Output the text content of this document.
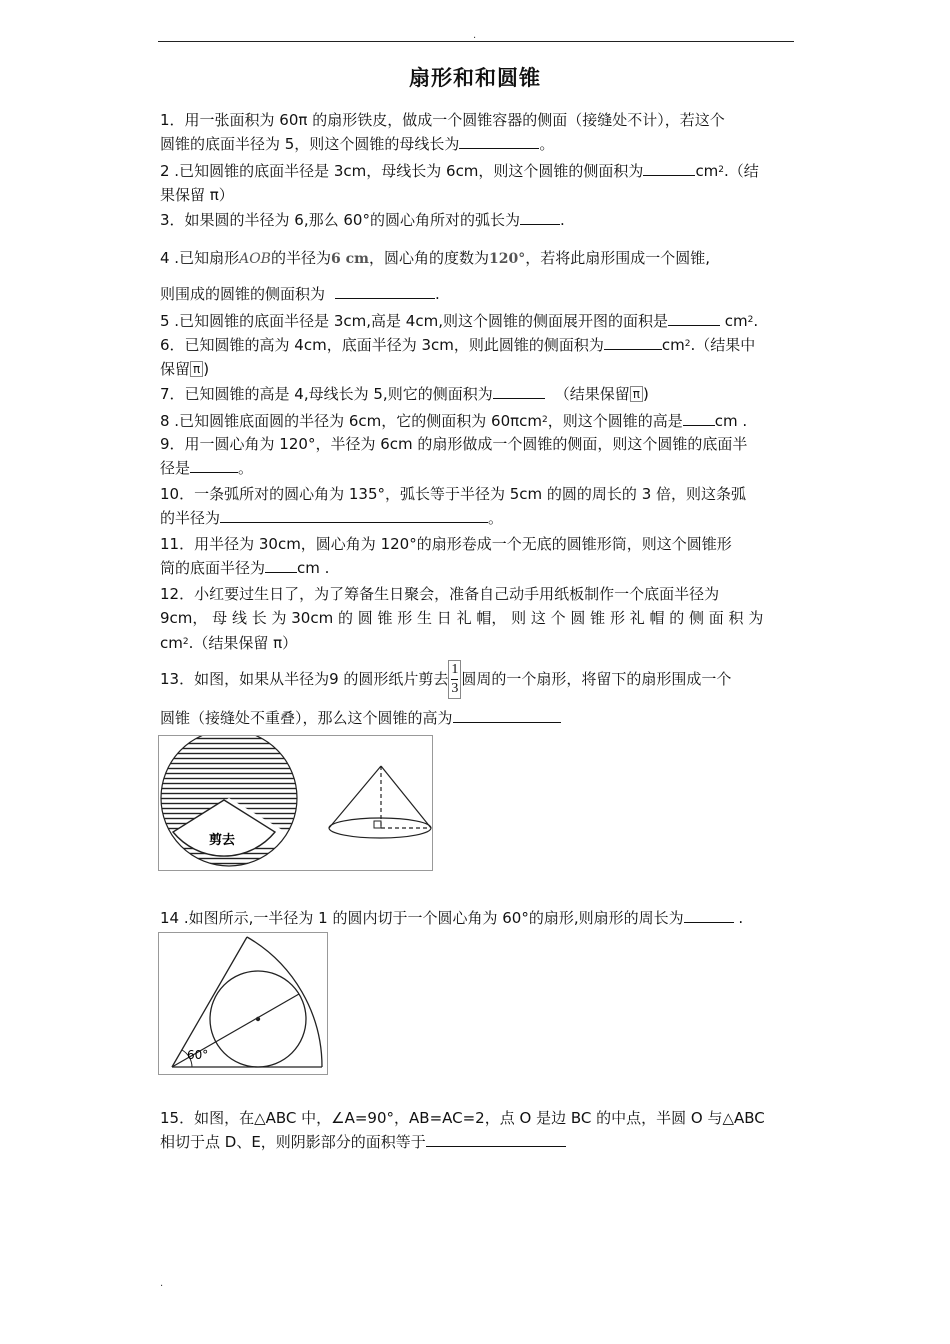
.
扇形和和圆锥
1．用一张面积为 60π 的扇形铁皮，做成一个圆锥容器的侧面（接缝处不计），若这个
圆锥的底面半径为 5，则这个圆锥的母线长为	。
2 .已知圆锥的底面半径是 3cm，母线长为 6cm，则这个圆锥的侧面积为	$cm^2$.（结
果保留 π）
3．如果圆的半径为 6,那么 60°的圆心角所对的弧长为	.
4 .已知扇形AOB的半径为6 cm，圆心角的度数为120°，若将此扇形围成一个圆锥,
则围成的圆锥的侧面积为	.
5 .已知圆锥的底面半径是 3cm,高是 4cm,则这个圆锥的侧面展开图的面积是	$cm^2$.
6．已知圆锥的高为 4cm，底面半径为 3cm，则此圆锥的侧面积为	$cm^2$.（结果中
保留 π )
7．已知圆锥的高是 4,母线长为 5,则它的侧面积为	（结果保留 π )
8 .已知圆锥底面圆的半径为 6cm，它的侧面积为 60πcm$^2$，则这个圆锥的高是 cm .
9．用一圆心角为 120°，半径为 6cm 的扇形做成一个圆锥的侧面，则这个圆锥的底面半
径是	。
10．一条弧所对的圆心角为 135°，弧长等于半径为 5cm 的圆的周长的 3 倍，则这条弧
的半径为	。
11．用半径为 30cm，圆心角为 120°的扇形卷成一个无底的圆锥形筒，则这个圆锥形
筒的底面半径为 cm .
12．小红要过生日了，为了筹备生日聚会，准备自己动手用纸板制作一个底面半径为
9cm， 母 线 长 为 30cm 的 圆 锥 形 生 日 礼 帽， 则 这 个 圆 锥 形 礼 帽 的 侧 面 积 为
$cm^2$.（结果保留 π）
13．如图，如果从半径为9 的圆形纸片剪去 $\frac{1}{3}$ 圆周的一个扇形，将留下的扇形围成一个
圆锥（接缝处不重叠），那么这个圆锥的高为
剪去
14 .如图所示,一半径为 1 的圆内切于一个圆心角为 60°的扇形,则扇形的周长为	.
60°
15．如图，在△ABC 中，∠A=90°，AB=AC=2，点 O 是边 BC 的中点，半圆 O 与△ABC
相切于点 D、E，则阴影部分的面积等于
.
